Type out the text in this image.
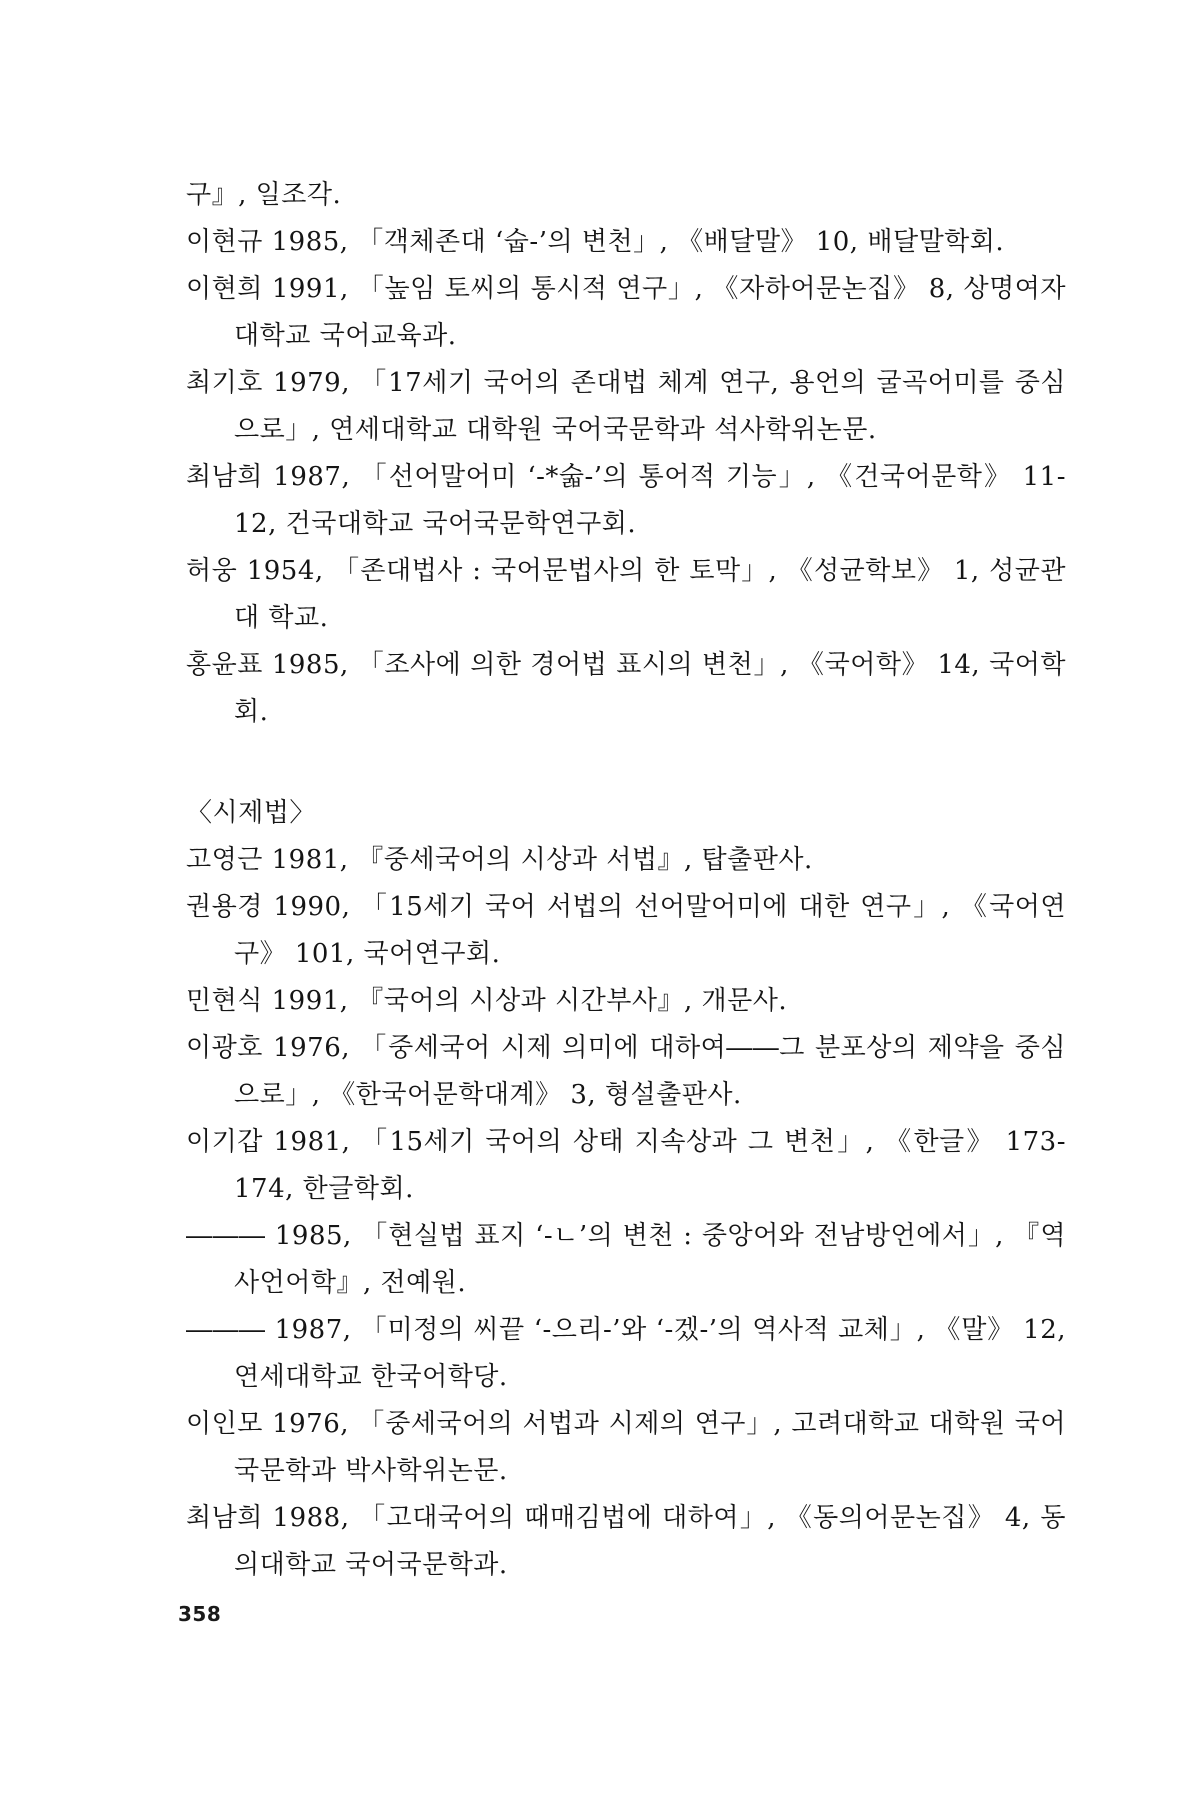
구』, 일조각.
이현규 1985, 「객체존대 ‘숩-’의 변천」, 《배달말》 10, 배달말학회.
이현희 1991, 「높임 토씨의 통시적 연구」, 《자하어문논집》 8, 상명여자 대학교 국어교육과.
최기호 1979, 「17세기 국어의 존대법 체계 연구, 용언의 굴곡어미를 중심으로」, 연세대학교 대학원 국어국문학과 석사학위논문.
최남희 1987, 「선어말어미 ‘-*숣-’의 통어적 기능」, 《건국어문학》 11-12, 건국대학교 국어국문학연구회.
허웅 1954, 「존대법사 : 국어문법사의 한 토막」, 《성균학보》 1, 성균관대 학교.
홍윤표 1985, 「조사에 의한 경어법 표시의 변천」, 《국어학》 14, 국어학 회.
〈시제법〉
고영근 1981, 『중세국어의 시상과 서법』, 탑출판사.
권용경 1990, 「15세기 국어 서법의 선어말어미에 대한 연구」, 《국어연구》 101, 국어연구회.
민현식 1991, 『국어의 시상과 시간부사』, 개문사.
이광호 1976, 「중세국어 시제 의미에 대하여――그 분포상의 제약을 중심으로」, 《한국어문학대계》 3, 형설출판사.
이기갑 1981, 「15세기 국어의 상태 지속상과 그 변천」, 《한글》 173-174, 한글학회.
――― 1985, 「현실법 표지 ‘-ㄴ’의 변천 : 중앙어와 전남방언에서」, 『역사언어학』, 전예원.
――― 1987, 「미정의 씨끝 ‘-으리-’와 ‘-겠-’의 역사적 교체」, 《말》 12, 연세대학교 한국어학당.
이인모 1976, 「중세국어의 서법과 시제의 연구」, 고려대학교 대학원 국어국문학과 박사학위논문.
최남희 1988, 「고대국어의 때매김법에 대하여」, 《동의어문논집》 4, 동의대학교 국어국문학과.
358
